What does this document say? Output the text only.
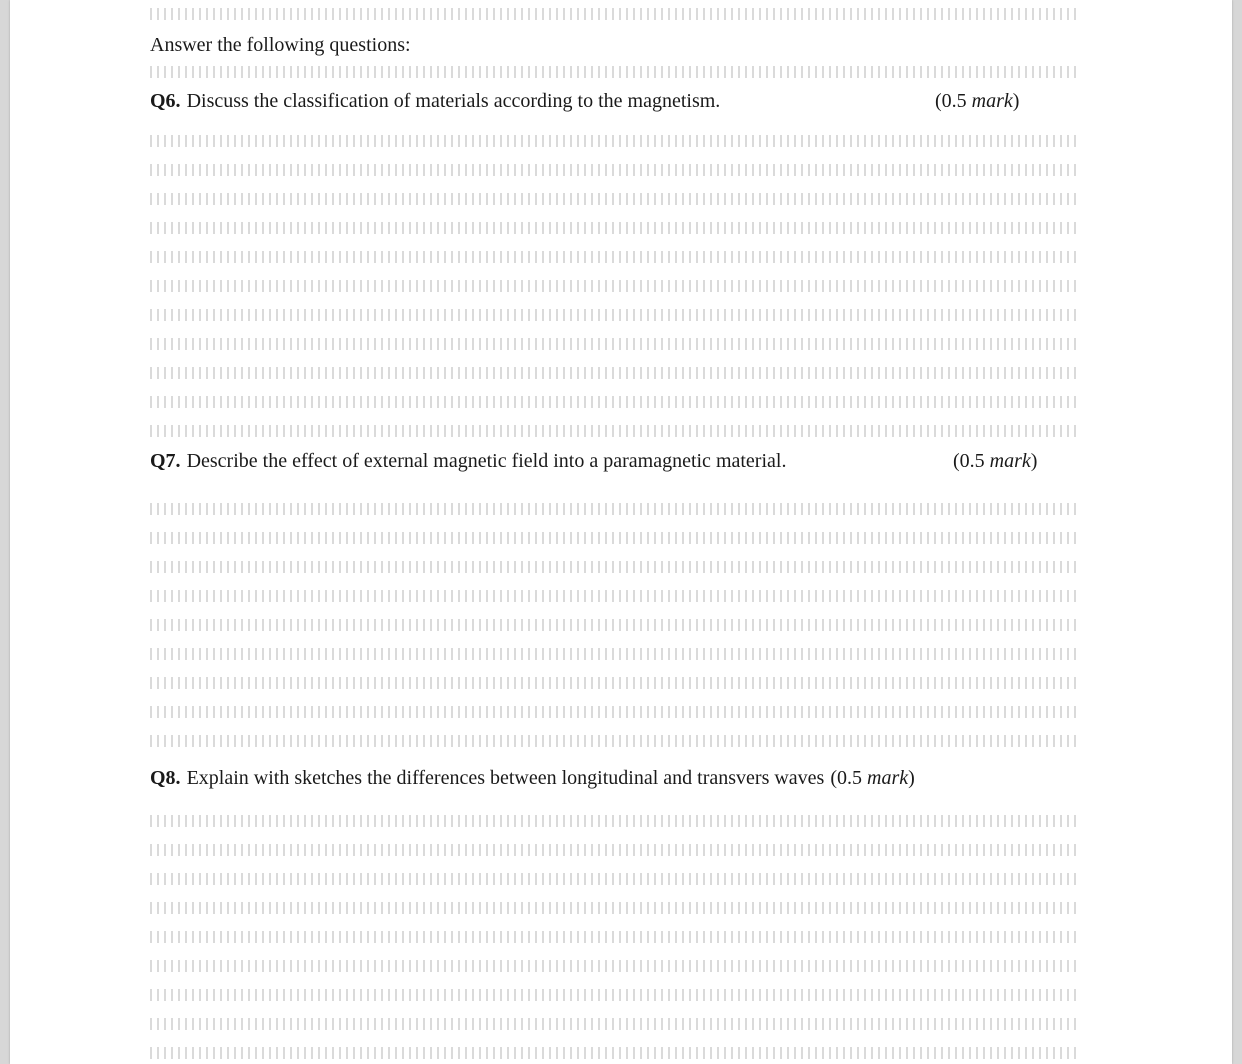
Answer the following questions:
Q6. Discuss the classification of materials according to the magnetism.	(0.5 mark)
Q7. Describe the effect of external magnetic field into a paramagnetic material.	(0.5 mark)
Q8. Explain with sketches the differences between longitudinal and transvers waves (0.5 mark)
